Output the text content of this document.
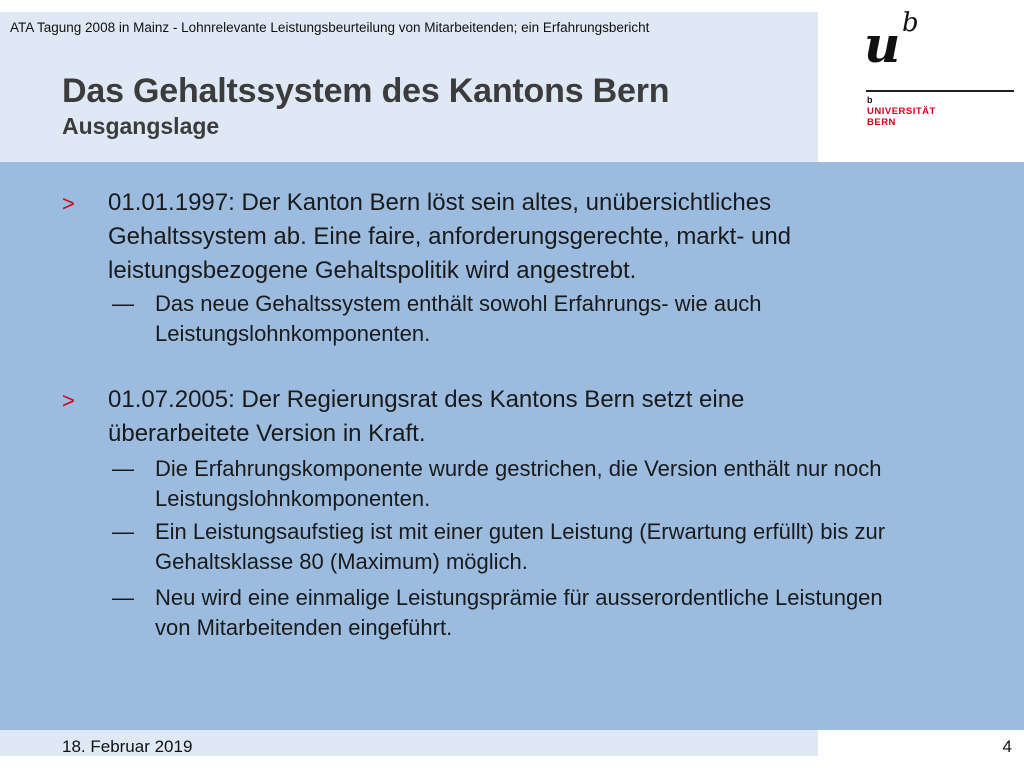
ATA Tagung 2008 in Mainz - Lohnrelevante Leistungsbeurteilung von Mitarbeitenden; ein Erfahrungsbericht
Das Gehaltssystem des Kantons Bern
Ausgangslage
u b
b
UNIVERSITÄT
BERN
> 01.01.1997: Der Kanton Bern löst sein altes, unübersichtliches Gehaltssystem ab. Eine faire, anforderungsgerechte, markt- und leistungsbezogene Gehaltspolitik wird angestrebt.
— Das neue Gehaltssystem enthält sowohl Erfahrungs- wie auch Leistungslohnkomponenten.
> 01.07.2005: Der Regierungsrat des Kantons Bern setzt eine überarbeitete Version in Kraft.
— Die Erfahrungskomponente wurde gestrichen, die Version enthält nur noch Leistungslohnkomponenten.
— Ein Leistungsaufstieg ist mit einer guten Leistung (Erwartung erfüllt) bis zur Gehaltsklasse 80 (Maximum) möglich.
— Neu wird eine einmalige Leistungsprämie für ausserordentliche Leistungen von Mitarbeitenden eingeführt.
18. Februar 2019	4
